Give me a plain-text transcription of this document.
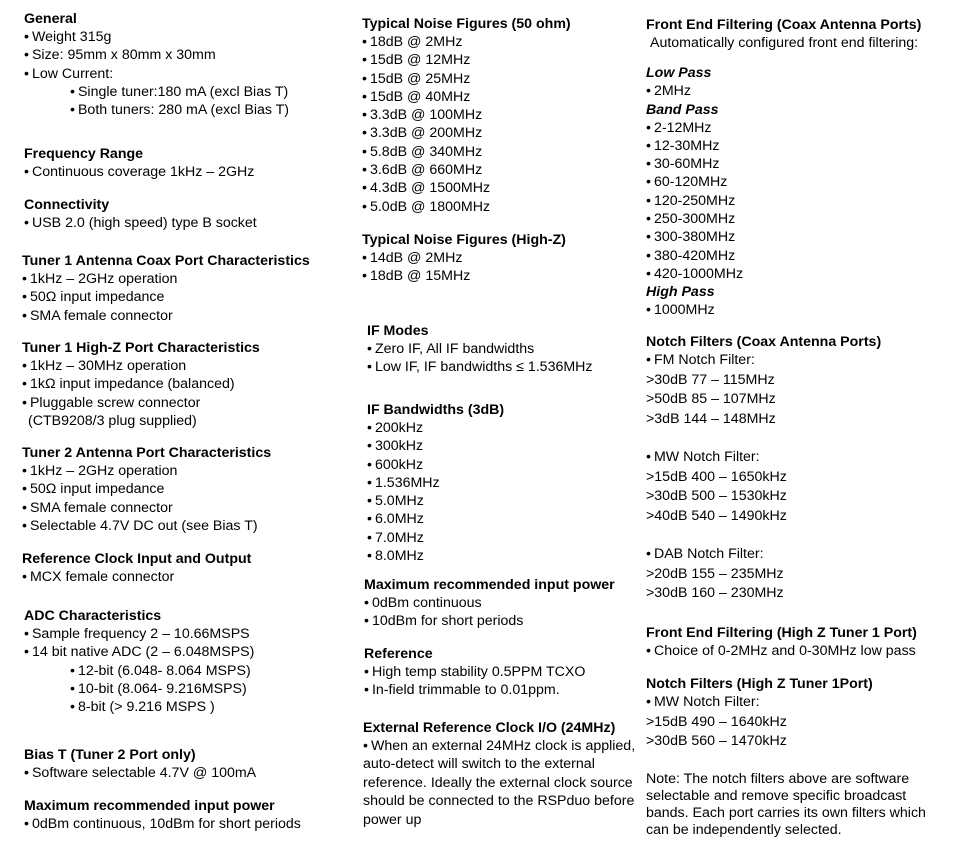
General
• Weight 315g
• Size: 95mm x 80mm x 30mm
• Low Current:
• Single tuner:180 mA (excl Bias T)
• Both tuners: 280 mA (excl Bias T)
Frequency Range
• Continuous coverage 1kHz – 2GHz
Connectivity
• USB 2.0 (high speed) type B socket
Tuner 1 Antenna Coax Port Characteristics
• 1kHz – 2GHz operation
• 50Ω input impedance
• SMA female connector
Tuner 1 High-Z Port Characteristics
• 1kHz – 30MHz operation
• 1kΩ input impedance (balanced)
• Pluggable screw connector
(CTB9208/3 plug supplied)
Tuner 2 Antenna Port Characteristics
• 1kHz – 2GHz operation
• 50Ω input impedance
• SMA female connector
• Selectable 4.7V DC out (see Bias T)
Reference Clock Input and Output
• MCX female connector
ADC Characteristics
• Sample frequency 2 – 10.66MSPS
• 14 bit native ADC (2 – 6.048MSPS)
• 12-bit (6.048- 8.064 MSPS)
• 10-bit (8.064- 9.216MSPS)
• 8-bit (> 9.216 MSPS )
Bias T (Tuner 2 Port only)
• Software selectable 4.7V @ 100mA
Maximum recommended input power
• 0dBm continuous, 10dBm for short periods
Typical Noise Figures (50 ohm)
• 18dB @ 2MHz
• 15dB @ 12MHz
• 15dB @ 25MHz
• 15dB @ 40MHz
• 3.3dB @ 100MHz
• 3.3dB @ 200MHz
• 5.8dB @ 340MHz
• 3.6dB @ 660MHz
• 4.3dB @ 1500MHz
• 5.0dB @ 1800MHz
Typical Noise Figures (High-Z)
• 14dB @ 2MHz
• 18dB @ 15MHz
IF Modes
• Zero IF, All IF bandwidths
• Low IF, IF bandwidths ≤ 1.536MHz
IF Bandwidths (3dB)
• 200kHz
• 300kHz
• 600kHz
• 1.536MHz
• 5.0MHz
• 6.0MHz
• 7.0MHz
• 8.0MHz
Maximum recommended input power
• 0dBm continuous
• 10dBm for short periods
Reference
• High temp stability 0.5PPM TCXO
• In-field trimmable to 0.01ppm.
External Reference Clock I/O (24MHz)
• When an external 24MHz clock is applied, auto-detect will switch to the external reference. Ideally the external clock source should be connected to the RSPduo before power up
Front End Filtering (Coax Antenna Ports)
Automatically configured front end filtering:
Low Pass
• 2MHz
Band Pass
• 2-12MHz
• 12-30MHz
• 30-60MHz
• 60-120MHz
• 120-250MHz
• 250-300MHz
• 300-380MHz
• 380-420MHz
• 420-1000MHz
High Pass
• 1000MHz
Notch Filters (Coax Antenna Ports)
• FM Notch Filter:
>30dB 77 – 115MHz
>50dB 85 – 107MHz
>3dB 144 – 148MHz
• MW Notch Filter:
>15dB 400 – 1650kHz
>30dB 500 – 1530kHz
>40dB 540 – 1490kHz
• DAB Notch Filter:
>20dB 155 – 235MHz
>30dB 160 – 230MHz
Front End Filtering (High Z Tuner 1 Port)
• Choice of 0-2MHz and 0-30MHz low pass
Notch Filters (High Z Tuner 1Port)
• MW Notch Filter:
>15dB 490 – 1640kHz
>30dB 560 – 1470kHz
Note: The notch filters above are software selectable and remove specific broadcast bands. Each port carries its own filters which can be independently selected.
